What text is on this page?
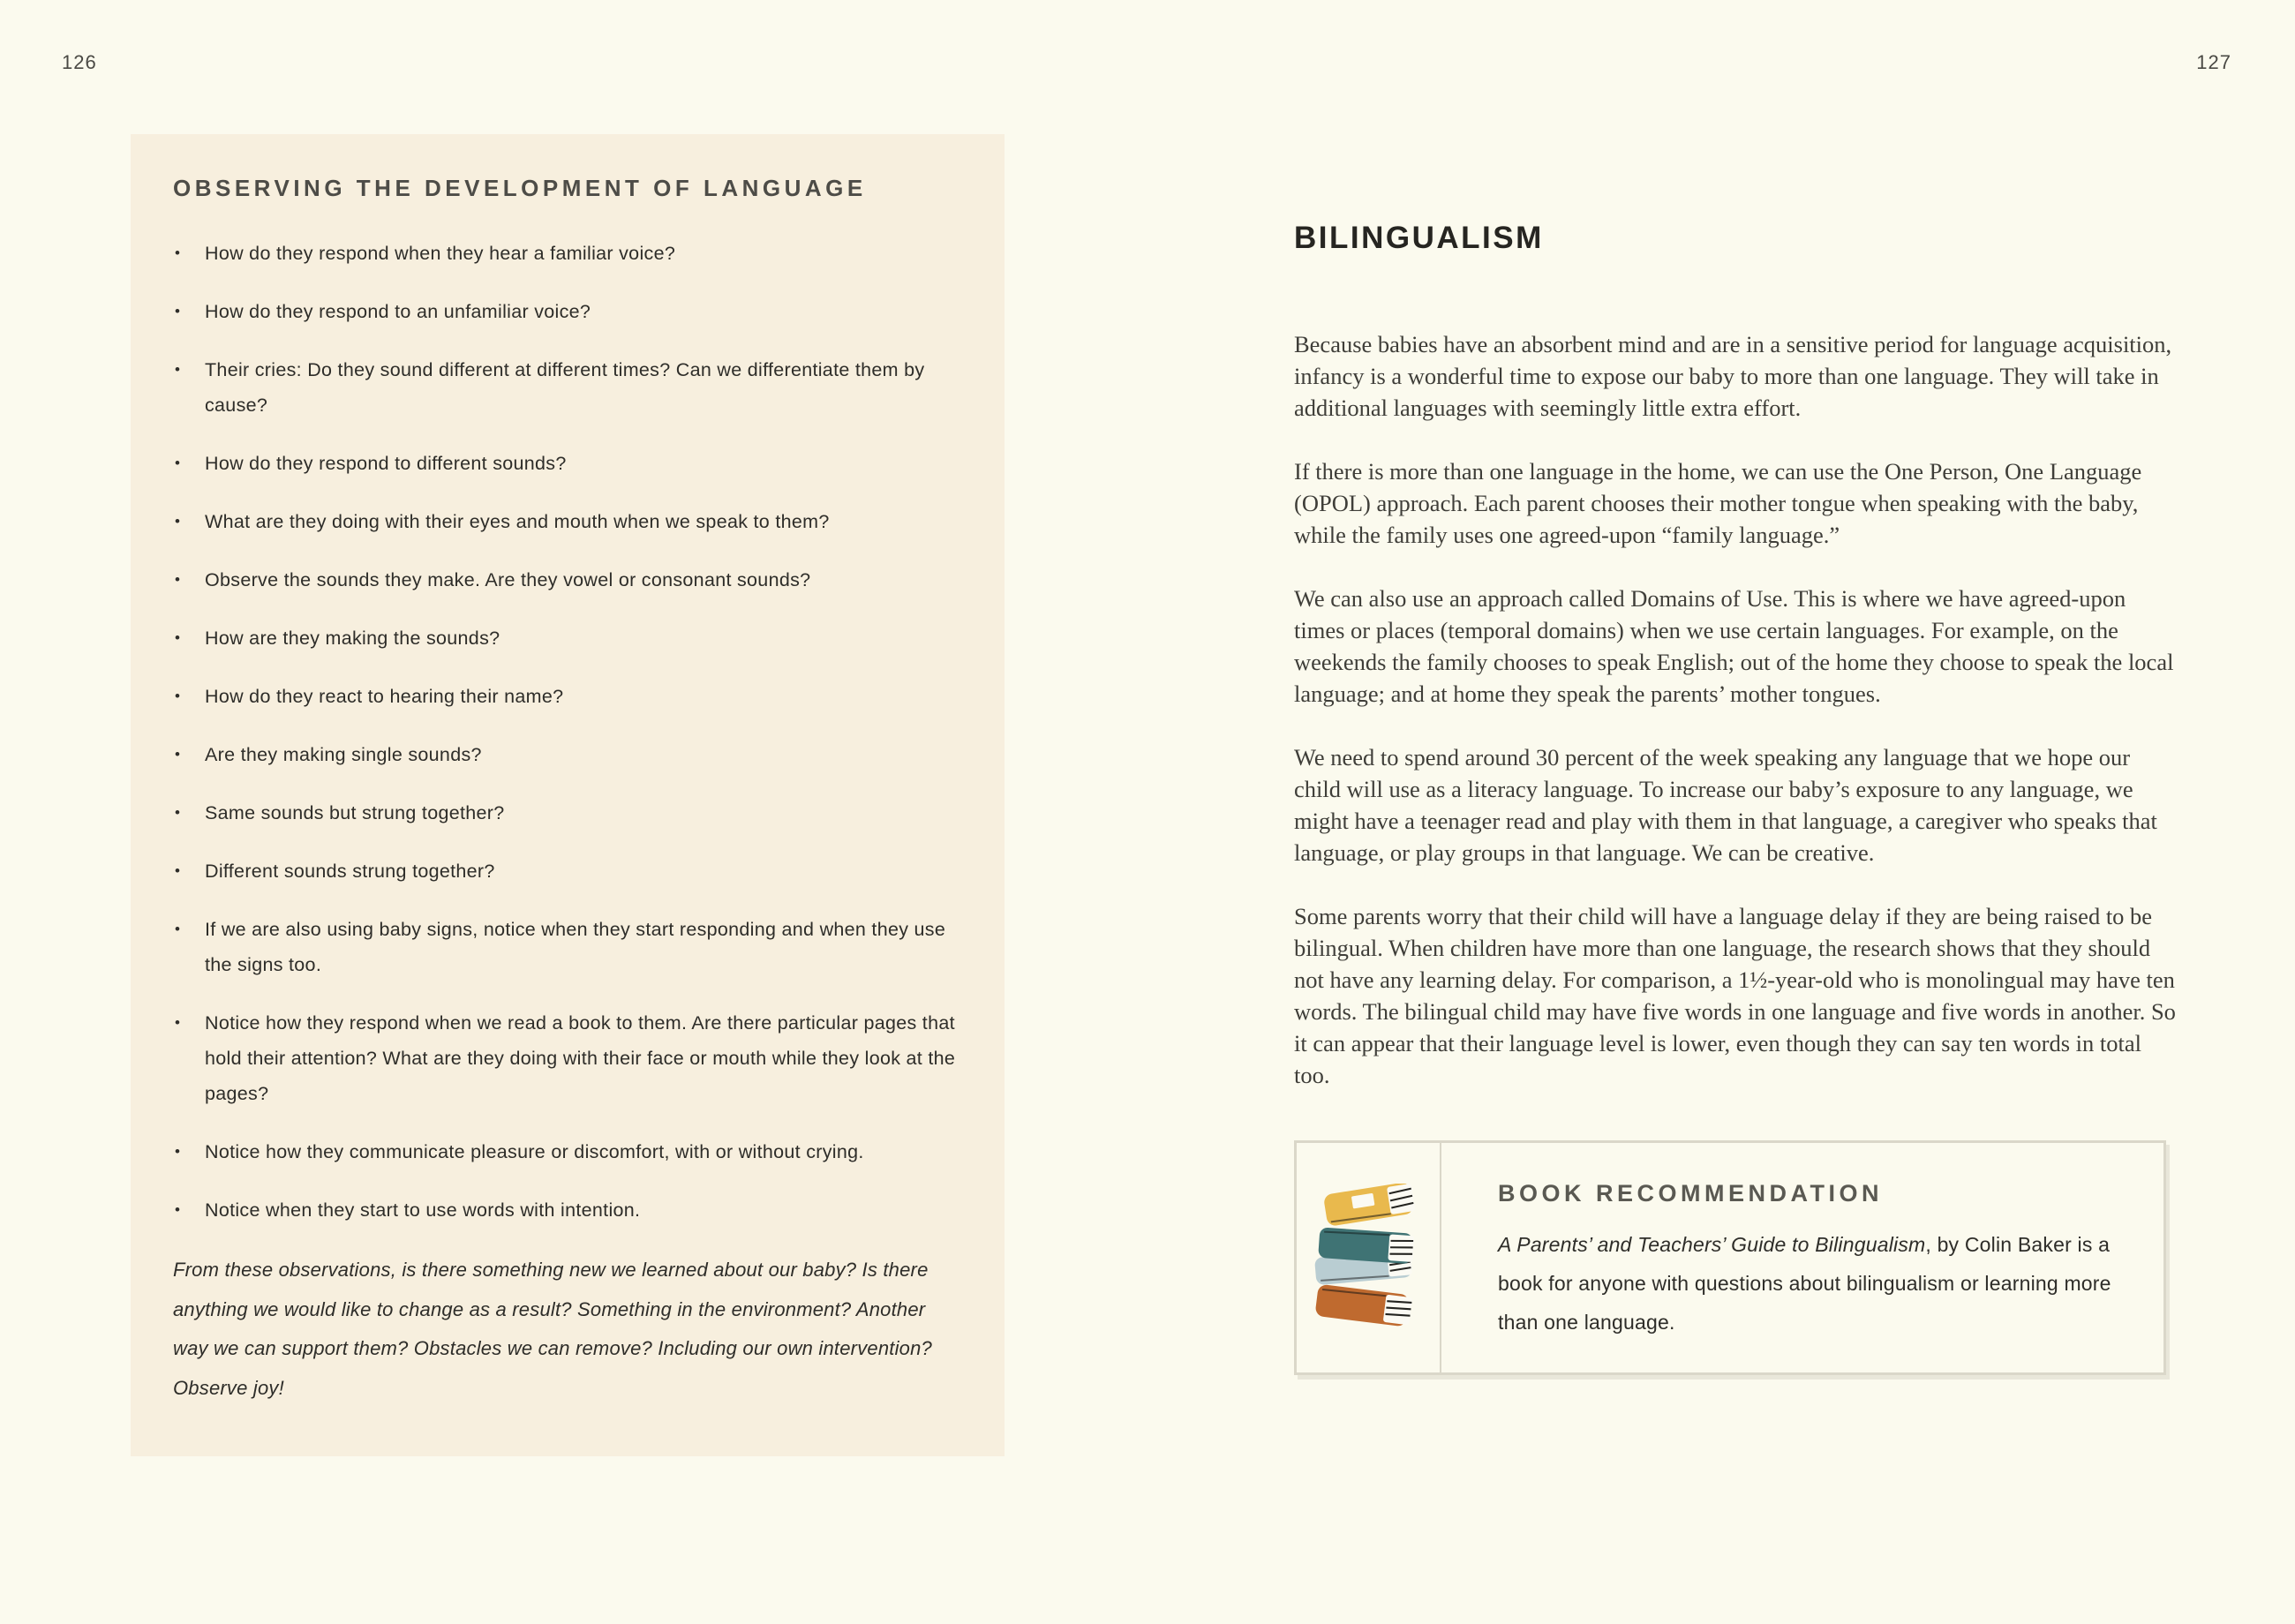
126	127
OBSERVING THE DEVELOPMENT OF LANGUAGE
• How do they respond when they hear a familiar voice?
• How do they respond to an unfamiliar voice?
• Their cries: Do they sound different at different times? Can we differentiate them by cause?
• How do they respond to different sounds?
• What are they doing with their eyes and mouth when we speak to them?
• Observe the sounds they make. Are they vowel or consonant sounds?
• How are they making the sounds?
• How do they react to hearing their name?
• Are they making single sounds?
• Same sounds but strung together?
• Different sounds strung together?
• If we are also using baby signs, notice when they start responding and when they use the signs too.
• Notice how they respond when we read a book to them. Are there particular pages that hold their attention? What are they doing with their face or mouth while they look at the pages?
• Notice how they communicate pleasure or discomfort, with or without crying.
• Notice when they start to use words with intention.

From these observations, is there something new we learned about our baby? Is there anything we would like to change as a result? Something in the environment? Another way we can support them? Obstacles we can remove? Including our own intervention? Observe joy!

BILINGUALISM

Because babies have an absorbent mind and are in a sensitive period for language acquisition, infancy is a wonderful time to expose our baby to more than one language. They will take in additional languages with seemingly little extra effort.

If there is more than one language in the home, we can use the One Person, One Language (OPOL) approach. Each parent chooses their mother tongue when speaking with the baby, while the family uses one agreed-upon “family language.”

We can also use an approach called Domains of Use. This is where we have agreed-upon times or places (temporal domains) when we use certain languages. For example, on the weekends the family chooses to speak English; out of the home they choose to speak the local language; and at home they speak the parents’ mother tongues.

We need to spend around 30 percent of the week speaking any language that we hope our child will use as a literacy language. To increase our baby’s exposure to any language, we might have a teenager read and play with them in that language, a caregiver who speaks that language, or play groups in that language. We can be creative.

Some parents worry that their child will have a language delay if they are being raised to be bilingual. When children have more than one language, the research shows that they should not have any learning delay. For comparison, a 1½-year-old who is monolingual may have ten words. The bilingual child may have five words in one language and five words in another. So it can appear that their language level is lower, even though they can say ten words in total too.

BOOK RECOMMENDATION

A Parents’ and Teachers’ Guide to Bilingualism, by Colin Baker is a book for anyone with questions about bilingualism or learning more than one language.
